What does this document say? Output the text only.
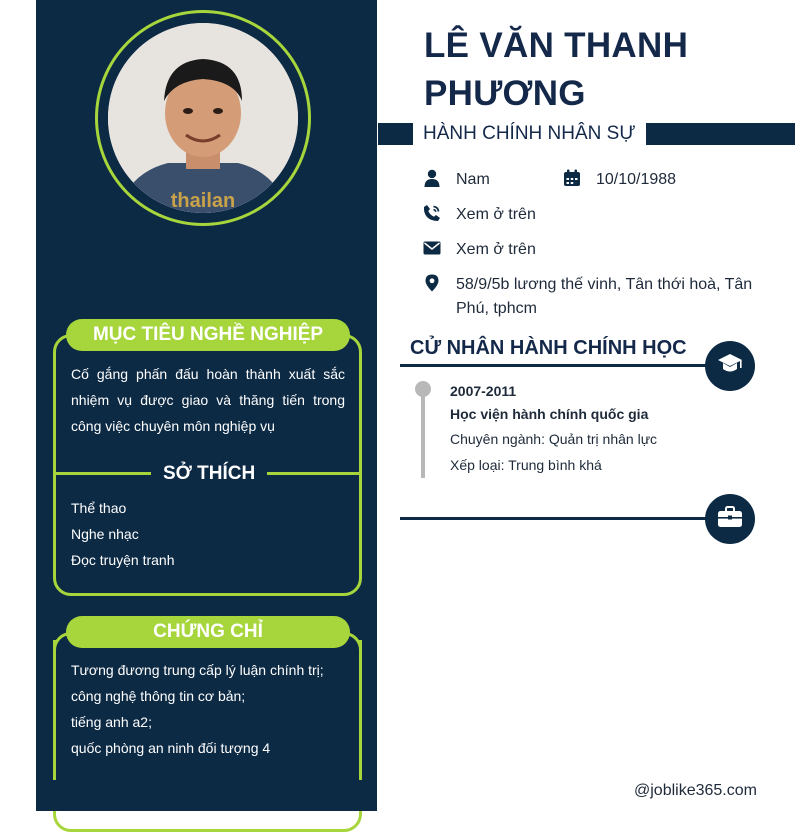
thailan
MỤC TIÊU NGHỀ NGHIỆP
Cố gắng phấn đấu hoàn thành xuất sắc nhiệm vụ được giao và thăng tiến trong công việc chuyên môn nghiệp vụ
SỞ THÍCH
Thể thao
Nghe nhạc
Đọc truyện tranh
CHỨNG CHỈ
Tương đương trung cấp lý luận chính trị;
công nghệ thông tin cơ bản;
tiếng anh a2;
quốc phòng an ninh đối tượng 4
LÊ VĂN THANH PHƯƠNG
HÀNH CHÍNH NHÂN SỰ
Nam	10/10/1988
Xem ở trên
Xem ở trên
58/9/5b lương thế vinh, Tân thới hoà, Tân Phú, tphcm
CỬ NHÂN HÀNH CHÍNH HỌC
2007-2011
Học viện hành chính quốc gia
Chuyên ngành: Quản trị nhân lực
Xếp loại: Trung bình khá
@joblike365.com
